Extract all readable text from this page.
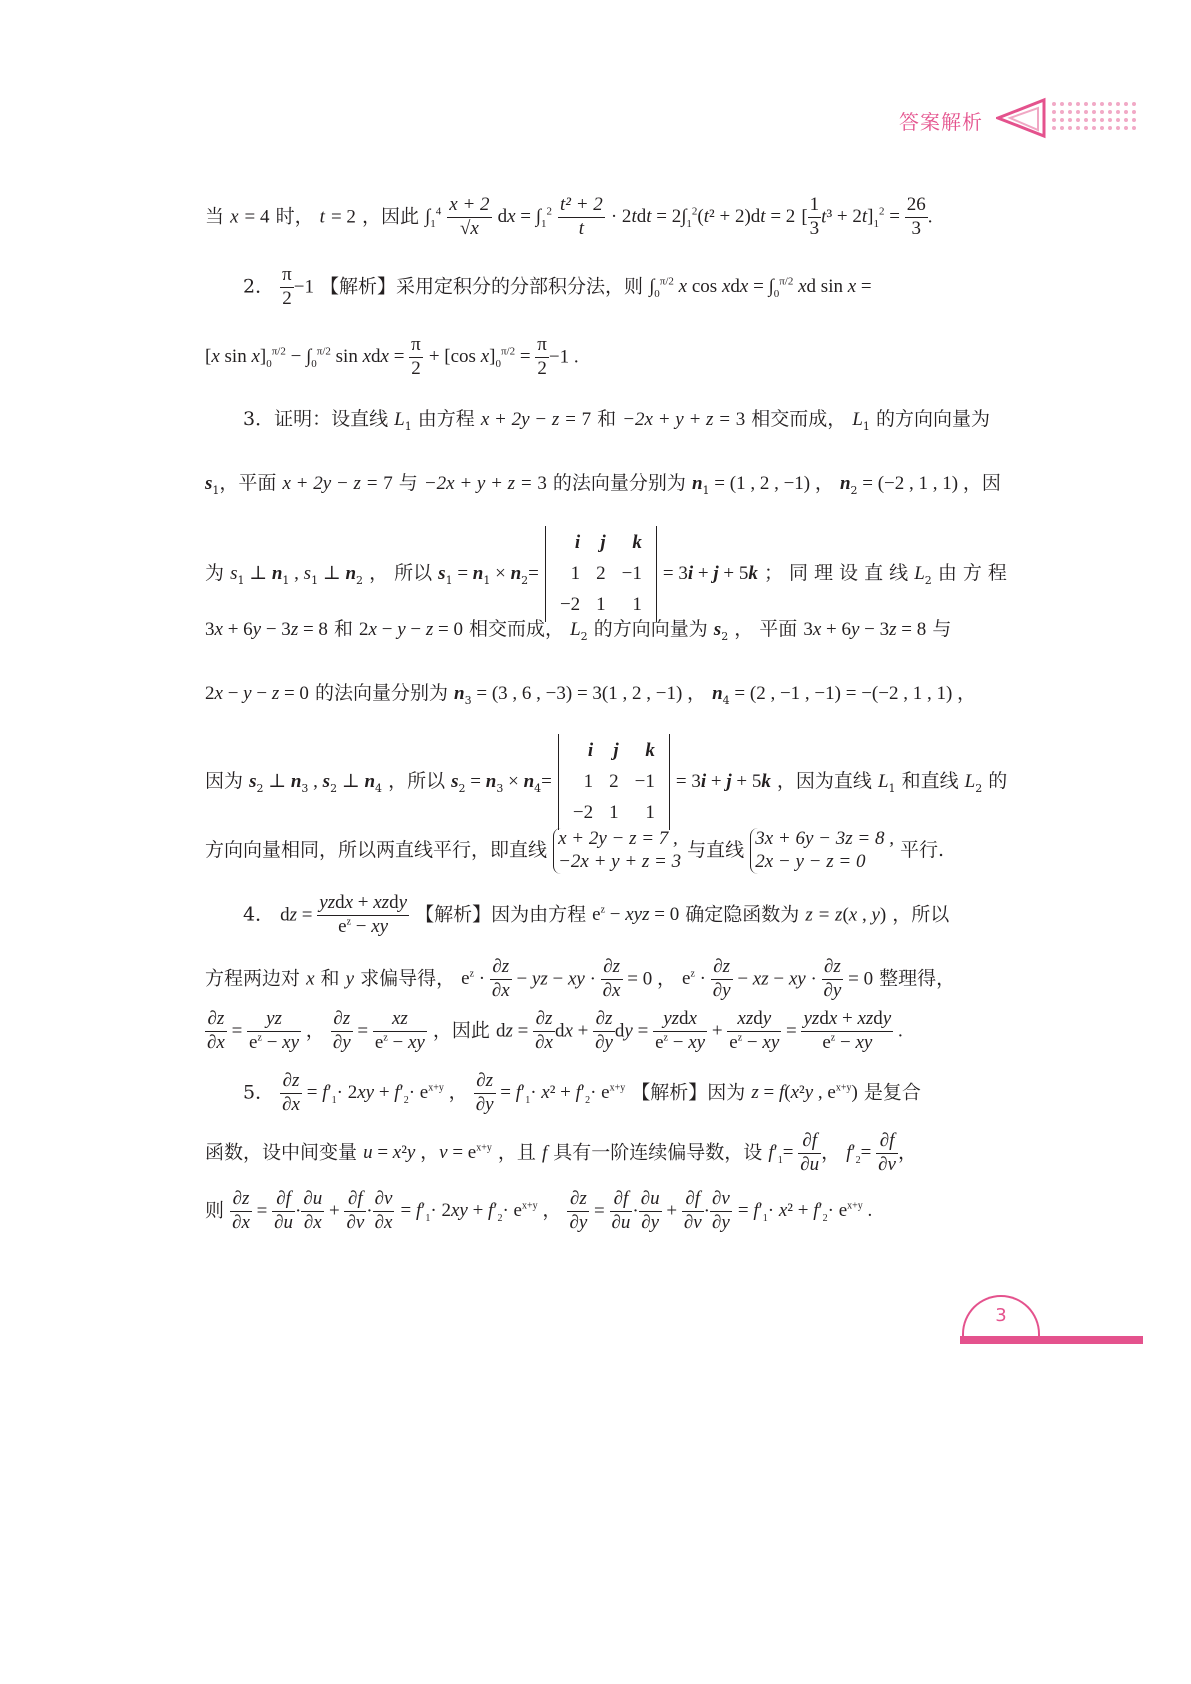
答案解析
当 x = 4 时， t = 2 ，因此 $\int_1^4 \frac{x + 2}{√x}$ dx = $\int_1^2 \frac{\text{t² + 2}}{t} \cdot 2tdt = 2\int_1^2(t^2 + 2)dt = 2$ [ $\frac{1}{3} t^3 + 2t]_1^2 = \frac{26}{3}$ .
2． $\frac{\pi}{2} -1$ 【解析】采用定积分的分部积分法，则 $\int_0^{\pi/2}$ x cos xdx = $\int_0^{\pi/2}$ xd sin x =
[x $\sin x]_0^{\pi/2} - \int_0^{\pi/2}$ sin xdx = $\frac{\pi}{2} + [\cos$ $x]_0^{\pi/2} = \frac{\pi}{2} -1$ .
3．证明：设直线 $L_1$ 由方程 x + 2y − z = 7 和 −2x + y + z = 3 相交而成， $L_1$ 的方向向量为
$s_1$，平面 x + 2y − z = 7 与 −2x + y + z = 3 的法向量分别为 $n_1 = (1$ , 2 , −1) ， $n_2 = (-2$ , 1 , 1) ，因
为 $s_1$ ⊥ $n_1$ , $s_1$ ⊥ $n_2$ ， 所以 $s_1 = n_1 \times n_2=$
i	j	k
1	2	−1
−2	1	1
= 3i + j + 5k ； 同 理 设 直 线 $L_2$ 由 方 程
3x + 6y − 3z = 8 和 2x − y − z = 0 相交而成， $L_2$ 的方向向量为 $s_2$ ， 平面 3x + 6y − 3z = 8 与
2x − y − z = 0 的法向量分别为 $n_3 = (3$ , 6 , −3) = 3(1 , 2 , −1) ， $n_4 = (2$ , −1 , −1) = −(−2 , 1 , 1) ，
因为 $s_2$ ⊥ $n_3$ , $s_2$ ⊥ $n_4$ ，所以 $s_2 = n_3 \times n_4=$
i	j	k
1	2	−1
−2	1	1
= 3i + j + 5k ，因为直线 $L_1$ 和直线 $L_2$ 的
方向向量相同，所以两直线平行，即直线
x + 2y − z = 7 ,
−2x + y + z = 3
与直线
3x + 6y − 3z = 8 ,
2x − y − z = 0
平行.
4． dz = $\frac{\text{yzdx + xzdy}}{e^z - xy}$ 【解析】因为由方程 $e^z$ − xyz = 0 确定隐函数为 z = z(x , y) ，所以
方程两边对 x 和 y 求偏导得， $e^z \cdot \frac{\partial z}{\partial x}$ − yz − xy · $\frac{\partial z}{\partial x} = 0$ ， $e^z \cdot \frac{\partial z}{\partial y}$ − xz − xy · $\frac{\partial z}{\partial y} = 0$ 整理得，
$\frac{\partial z}{\partial x} = \frac{yz}{e^z - xy}$ ， $\frac{\partial z}{\partial y} = \frac{xz}{e^z - xy}$ ，因此 dz = $\frac{\partial z}{\partial x}$ dx + $\frac{\partial z}{\partial y}$ dy = $\frac{\text{yzdx}}{e^z - xy} + \frac{\text{xzdy}}{e^z - xy} = \frac{\text{yzdx + xzdy}}{e^z - xy}$ .
5． $\frac{\partial z}{\partial x} = f'_1\cdot 2xy + f'_2\cdot e^{x+y}$ ， $\frac{\partial z}{\partial y} = f'_1\cdot x^2 + f'_2\cdot e^{x+y}$ 【解析】因为 z = f(x²y , $e^{x+y}$) 是复合
函数，设中间变量 u = x²y ，$v = e^{x+y}$ ，且 f 具有一阶连续偏导数，设 $f'_1= \frac{\partial f}{\partial u}$ ， $f'_2= \frac{\partial f}{\partial v}$ ，
则 $\frac{\partial z}{\partial x} = \frac{\partial f}{\partial u} \cdot \frac{\partial u}{\partial x} + \frac{\partial f}{\partial v} \cdot \frac{\partial v}{\partial x} = f'_1\cdot 2xy + f'_2\cdot e^{x+y}$ ， $\frac{\partial z}{\partial y} = \frac{\partial f}{\partial u} \cdot \frac{\partial u}{\partial y} + \frac{\partial f}{\partial v} \cdot \frac{\partial v}{\partial y} = f'_1\cdot x^2 + f'_2\cdot e^{x+y}$ .
3
